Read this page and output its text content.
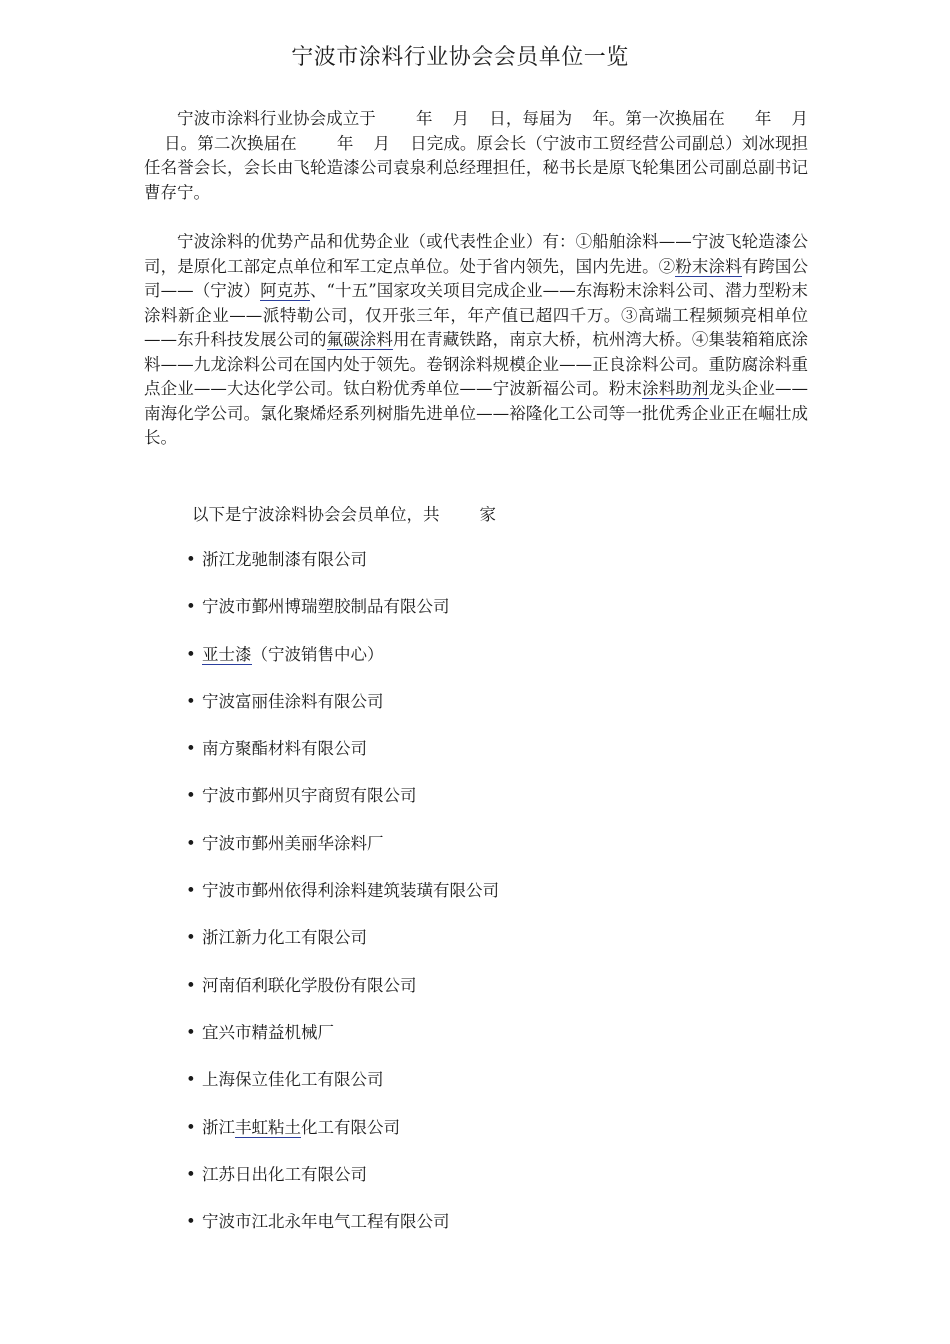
宁波市涂料行业协会会员单位一览

宁波市涂料行业协会成立于 年 月 日，每届为 年。第一次换届在 年 月日。第二次换届在 年 月 日完成。原会长（宁波市工贸经营公司副总）刘冰现担任名誉会长，会长由飞轮造漆公司袁泉利总经理担任，秘书长是原飞轮集团公司副总副书记曹存宁。

宁波涂料的优势产品和优势企业（或代表性企业）有：①船舶涂料——宁波飞轮造漆公司，是原化工部定点单位和军工定点单位。处于省内领先，国内先进。②粉末涂料有跨国公司——（宁波）阿克苏、“十五”国家攻关项目完成企业——东海粉末涂料公司、潜力型粉末涂料新企业——派特勒公司，仅开张三年，年产值已超四千万。③高端工程频频亮相单位——东升科技发展公司的氟碳涂料用在青藏铁路，南京大桥，杭州湾大桥。④集装箱箱底涂料——九龙涂料公司在国内处于领先。卷钢涂料规模企业——正良涂料公司。重防腐涂料重点企业——大达化学公司。钛白粉优秀单位——宁波新福公司。粉末涂料助剂龙头企业——南海化学公司。氯化聚烯烃系列树脂先进单位——裕隆化工公司等一批优秀企业正在崛壮成长。

以下是宁波涂料协会会员单位，共 家

• 浙江龙驰制漆有限公司
• 宁波市鄞州博瑞塑胶制品有限公司
• 亚士漆（宁波销售中心）
• 宁波富丽佳涂料有限公司
• 南方聚酯材料有限公司
• 宁波市鄞州贝宇商贸有限公司
• 宁波市鄞州美丽华涂料厂
• 宁波市鄞州依得利涂料建筑装璜有限公司
• 浙江新力化工有限公司
• 河南佰利联化学股份有限公司
• 宜兴市精益机械厂
• 上海保立佳化工有限公司
• 浙江丰虹粘土化工有限公司
• 江苏日出化工有限公司
• 宁波市江北永年电气工程有限公司
